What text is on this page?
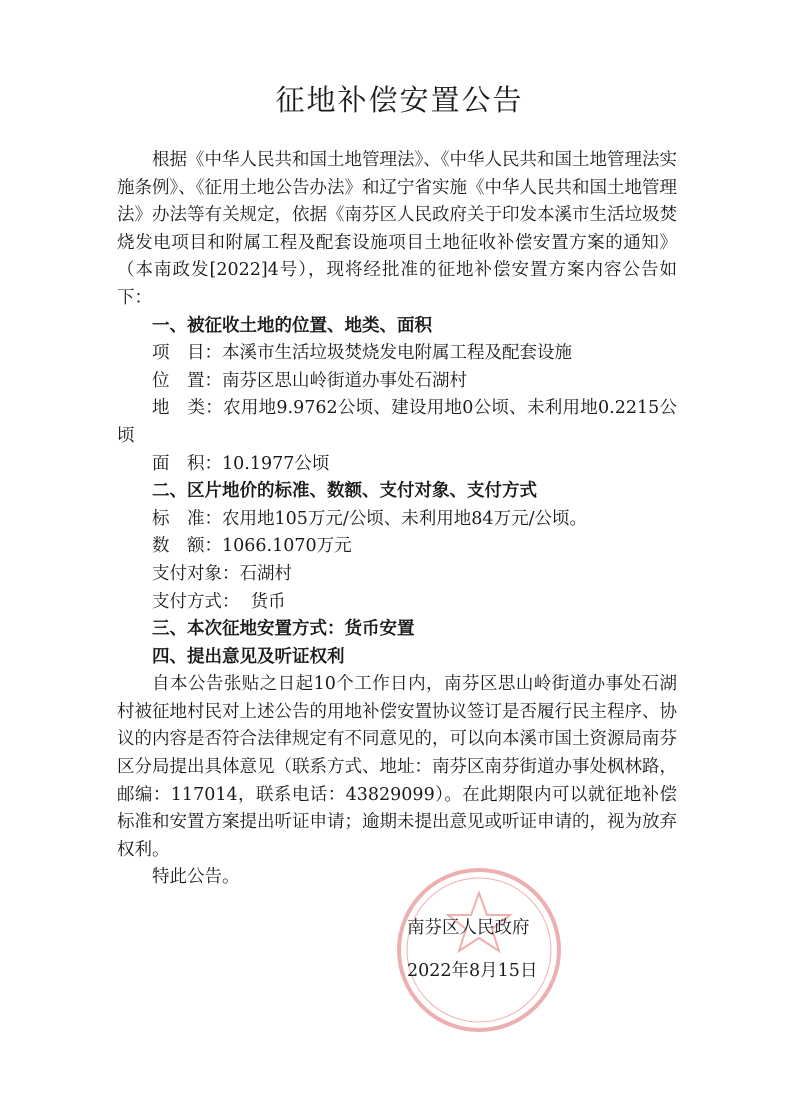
征地补偿安置公告

根据《中华人民共和国土地管理法》、《中华人民共和国土地管理法实施条例》、《征用土地公告办法》和辽宁省实施《中华人民共和国土地管理法》办法等有关规定，依据《南芬区人民政府关于印发本溪市生活垃圾焚烧发电项目和附属工程及配套设施项目土地征收补偿安置方案的通知》（本南政发[2022]4号），现将经批准的征地补偿安置方案内容公告如下：

一、被征收土地的位置、地类、面积

项　目：本溪市生活垃圾焚烧发电附属工程及配套设施

位　置：南芬区思山岭街道办事处石湖村

地　类：农用地9.9762公顷、建设用地0公顷、未利用地0.2215公顷

面　积：10.1977公顷

二、区片地价的标准、数额、支付对象、支付方式

标　准：农用地105万元/公顷、未利用地84万元/公顷。

数　额：1066.1070万元

支付对象：石湖村

支付方式： 货币

三、本次征地安置方式：货币安置

四、提出意见及听证权利

自本公告张贴之日起10个工作日内，南芬区思山岭街道办事处石湖村被征地村民对上述公告的用地补偿安置协议签订是否履行民主程序、协议的内容是否符合法律规定有不同意见的，可以向本溪市国土资源局南芬区分局提出具体意见（联系方式、地址：南芬区南芬街道办事处枫林路，邮编：117014，联系电话：43829099）。在此期限内可以就征地补偿标准和安置方案提出听证申请；逾期未提出意见或听证申请的，视为放弃权利。

特此公告。

南芬区人民政府
2022年8月15日
